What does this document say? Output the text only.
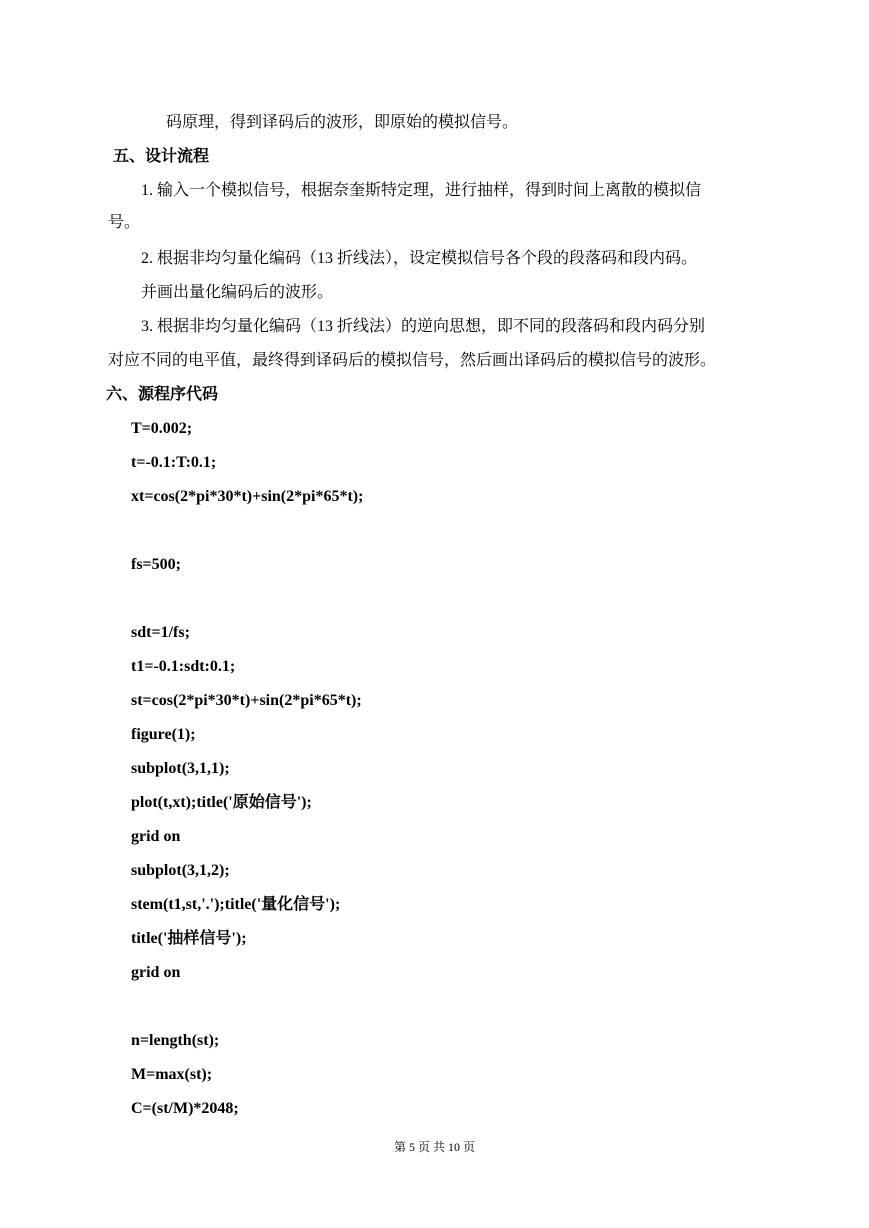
码原理，得到译码后的波形，即原始的模拟信号。
五、设计流程
1. 输入一个模拟信号，根据奈奎斯特定理，进行抽样，得到时间上离散的模拟信
号。
2. 根据非均匀量化编码（13 折线法），设定模拟信号各个段的段落码和段内码。
并画出量化编码后的波形。
3. 根据非均匀量化编码（13 折线法）的逆向思想，即不同的段落码和段内码分别
对应不同的电平值，最终得到译码后的模拟信号，然后画出译码后的模拟信号的波形。
六、源程序代码
T=0.002;
t=-0.1:T:0.1;
xt=cos(2*pi*30*t)+sin(2*pi*65*t);
fs=500;
sdt=1/fs;
t1=-0.1:sdt:0.1;
st=cos(2*pi*30*t)+sin(2*pi*65*t);
figure(1);
subplot(3,1,1);
plot(t,xt);title('原始信号');
grid on
subplot(3,1,2);
stem(t1,st,'.');title('量化信号');
title('抽样信号');
grid on
n=length(st);
M=max(st);
C=(st/M)*2048;
第 5 页 共 10 页
